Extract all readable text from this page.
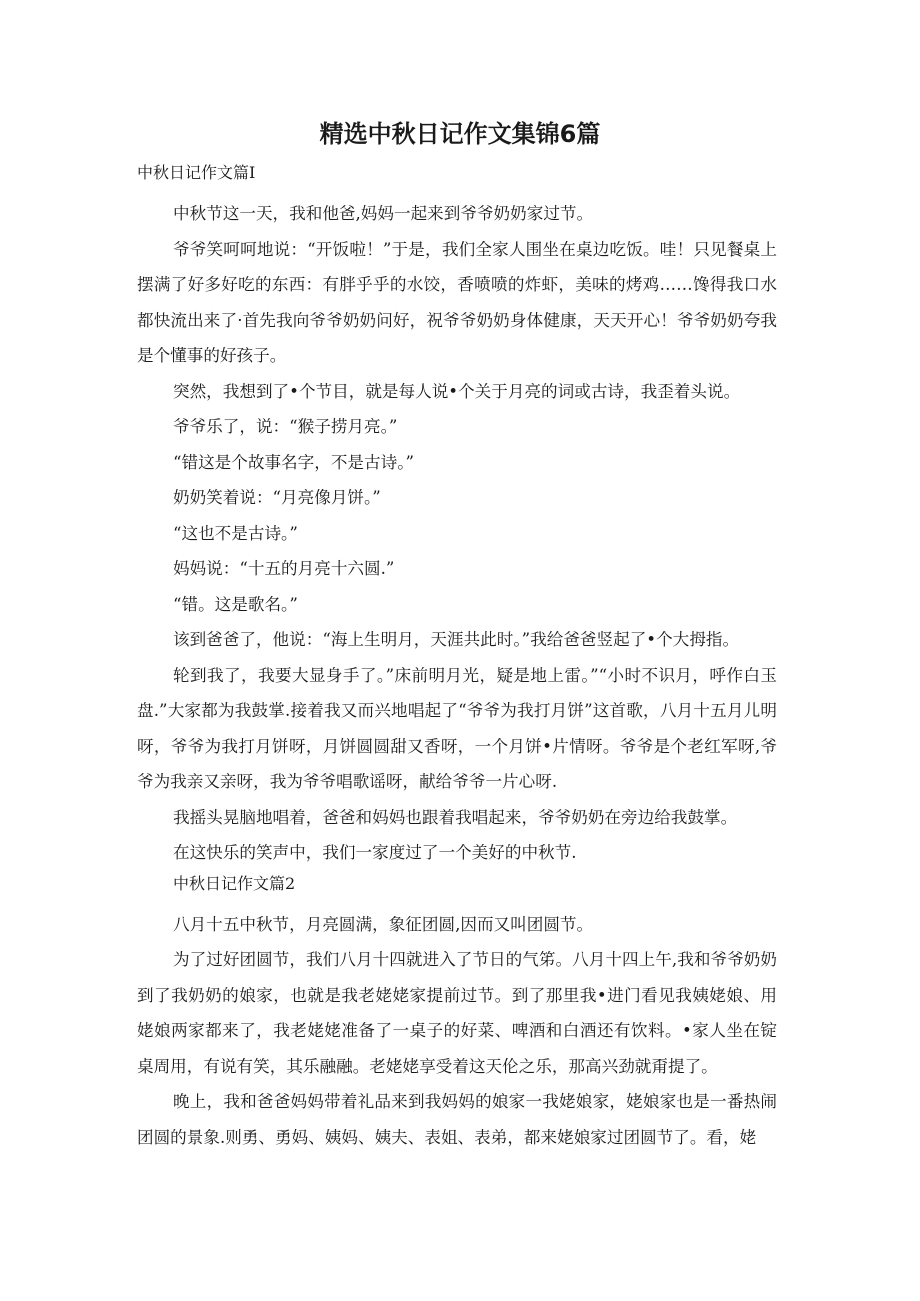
精选中秋日记作文集锦6篇
中秋日记作文篇I

中秋节这一天，我和他爸,妈妈一起来到爷爷奶奶家过节。

爷爷笑呵呵地说：“开饭啦！”于是，我们全家人围坐在桌边吃饭。哇！只见餐桌上摆满了好多好吃的东西：有胖乎乎的水饺，香喷喷的炸虾，美味的烤鸡……馋得我口水都快流出来了·首先我向爷爷奶奶问好，祝爷爷奶奶身体健康，天天开心！爷爷奶奶夸我是个懂事的好孩子。

突然，我想到了•个节目，就是每人说•个关于月亮的词或古诗，我歪着头说。

爷爷乐了，说：“猴子捞月亮。”

“错这是个故事名字，不是古诗。”

奶奶笑着说：“月亮像月饼。”

“这也不是古诗。”

妈妈说：“十五的月亮十六圆.”

“错。这是歌名。”

该到爸爸了，他说：“海上生明月，天涯共此时。”我给爸爸竖起了•个大拇指。

轮到我了，我要大显身手了。”床前明月光，疑是地上雷。”“小时不识月，呼作白玉盘.”大家都为我鼓掌.接着我又而兴地唱起了“爷爷为我打月饼”这首歌，八月十五月儿明呀，爷爷为我打月饼呀，月饼圆圆甜又香呀，一个月饼•片情呀。爷爷是个老红军呀,爷爷为我亲又亲呀，我为爷爷唱歌谣呀，献给爷爷一片心呀.

我摇头晃脑地唱着，爸爸和妈妈也跟着我唱起来，爷爷奶奶在旁边给我鼓掌。

在这快乐的笑声中，我们一家度过了一个美好的中秋节.

中秋日记作文篇2

八月十五中秋节，月亮圆满，象征团圆,因而又叫团圆节。

为了过好团圆节，我们八月十四就进入了节日的气笫。八月十四上午,我和爷爷奶奶到了我奶奶的娘家，也就是我老姥姥家提前过节。到了那里我•进门看见我姨姥娘、用姥娘两家都来了，我老姥姥准备了一桌子的好菜、啤酒和白酒还有饮料。•家人坐在锭桌周用，有说有笑，其乐融融。老姥姥享受着这天伦之乐，那高兴劲就甭提了。

晚上，我和爸爸妈妈带着礼品来到我妈妈的娘家一我姥娘家，姥娘家也是一番热闹团圆的景象.则勇、勇妈、姨妈、姨夫、表姐、表弟，都来姥娘家过团圆节了。看，姥
